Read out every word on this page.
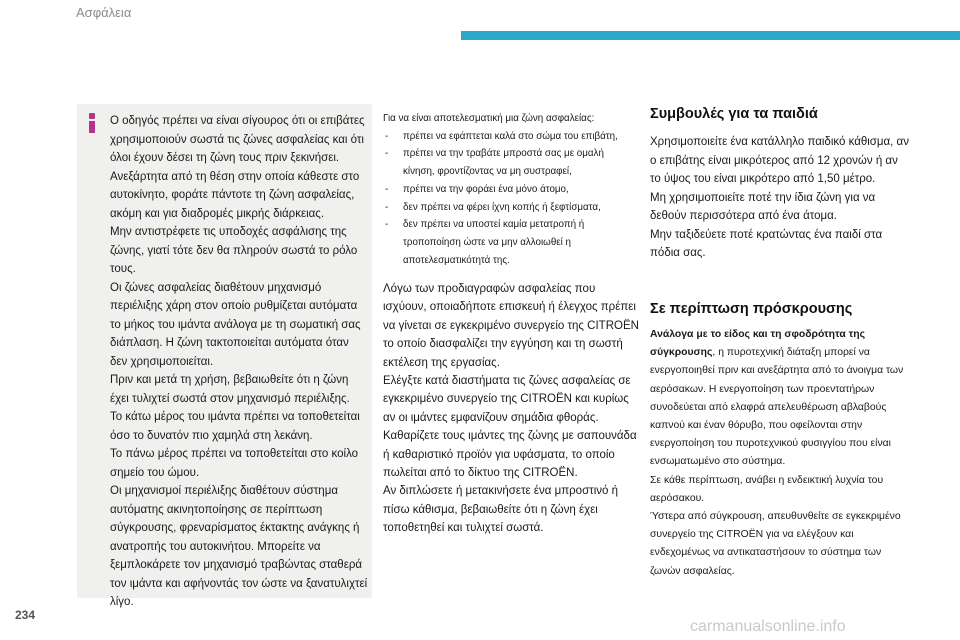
Ασφάλεια

Ο οδηγός πρέπει να είναι σίγουρος ότι οι επιβάτες χρησιμοποιούν σωστά τις ζώνες ασφαλείας και ότι όλοι έχουν δέσει τη ζώνη τους πριν ξεκινήσει.

Ανεξάρτητα από τη θέση στην οποία κάθεστε στο αυτοκίνητο, φοράτε πάντοτε τη ζώνη ασφαλείας, ακόμη και για διαδρομές μικρής διάρκειας.

Μην αντιστρέφετε τις υποδοχές ασφάλισης της ζώνης, γιατί τότε δεν θα πληρούν σωστά το ρόλο τους.

Οι ζώνες ασφαλείας διαθέτουν μηχανισμό περιέλιξης χάρη στον οποίο ρυθμίζεται αυτόματα το μήκος του ιμάντα ανάλογα με τη σωματική σας διάπλαση. Η ζώνη τακτοποιείται αυτόματα όταν δεν χρησιμοποιείται.

Πριν και μετά τη χρήση, βεβαιωθείτε ότι η ζώνη έχει τυλιχτεί σωστά στον μηχανισμό περιέλιξης.

Το κάτω μέρος του ιμάντα πρέπει να τοποθετείται όσο το δυνατόν πιο χαμηλά στη λεκάνη.

Το πάνω μέρος πρέπει να τοποθετείται στο κοίλο σημείο του ώμου.

Οι μηχανισμοί περιέλιξης διαθέτουν σύστημα αυτόματης ακινητοποίησης σε περίπτωση σύγκρουσης, φρεναρίσματος έκτακτης ανάγκης ή ανατροπής του αυτοκινήτου. Μπορείτε να ξεμπλοκάρετε τον μηχανισμό τραβώντας σταθερά τον ιμάντα και αφήνοντάς τον ώστε να ξανατυλιχτεί λίγο.

Για να είναι αποτελεσματική μια ζώνη ασφαλείας:

- πρέπει να εφάπτεται καλά στο σώμα του επιβάτη,
- πρέπει να την τραβάτε μπροστά σας με ομαλή κίνηση, φροντίζοντας να μη συστραφεί,
- πρέπει να την φοράει ένα μόνο άτομο,
- δεν πρέπει να φέρει ίχνη κοπής ή ξεφτίσματα,
- δεν πρέπει να υποστεί καμία μετατροπή ή τροποποίηση ώστε να μην αλλοιωθεί η αποτελεσματικότητά της.

Λόγω των προδιαγραφών ασφαλείας που ισχύουν, οποιαδήποτε επισκευή ή έλεγχος πρέπει να γίνεται σε εγκεκριμένο συνεργείο της CITROËN το οποίο διασφαλίζει την εγγύηση και τη σωστή εκτέλεση της εργασίας.

Ελέγξτε κατά διαστήματα τις ζώνες ασφαλείας σε εγκεκριμένο συνεργείο της CITROËN και κυρίως αν οι ιμάντες εμφανίζουν σημάδια φθοράς.

Καθαρίζετε τους ιμάντες της ζώνης με σαπουνάδα ή καθαριστικό προϊόν για υφάσματα, το οποίο πωλείται από το δίκτυο της CITROËN.

Αν διπλώσετε ή μετακινήσετε ένα μπροστινό ή πίσω κάθισμα, βεβαιωθείτε ότι η ζώνη έχει τοποθετηθεί και τυλιχτεί σωστά.

Συμβουλές για τα παιδιά

Χρησιμοποιείτε ένα κατάλληλο παιδικό κάθισμα, αν ο επιβάτης είναι μικρότερος από 12 χρονών ή αν το ύψος του είναι μικρότερο από 1,50 μέτρο.

Μη χρησιμοποιείτε ποτέ την ίδια ζώνη για να δεθούν περισσότερα από ένα άτομα.

Μην ταξιδεύετε ποτέ κρατώντας ένα παιδί στα πόδια σας.

Σε περίπτωση πρόσκρουσης

Ανάλογα με το είδος και τη σφοδρότητα της σύγκρουσης, η πυροτεχνική διάταξη μπορεί να ενεργοποιηθεί πριν και ανεξάρτητα από το άνοιγμα των αερόσακων. Η ενεργοποίηση των προεντατήρων συνοδεύεται από ελαφρά απελευθέρωση αβλαβούς καπνού και έναν θόρυβο, που οφείλονται στην ενεργοποίηση του πυροτεχνικού φυσιγγίου που είναι ενσωματωμένο στο σύστημα.

Σε κάθε περίπτωση, ανάβει η ενδεικτική λυχνία του αερόσακου.

Ύστερα από σύγκρουση, απευθυνθείτε σε εγκεκριμένο συνεργείο της CITROËN για να ελέγξουν και ενδεχομένως να αντικαταστήσουν το σύστημα των ζωνών ασφαλείας.

234
carmanualsonline.info
